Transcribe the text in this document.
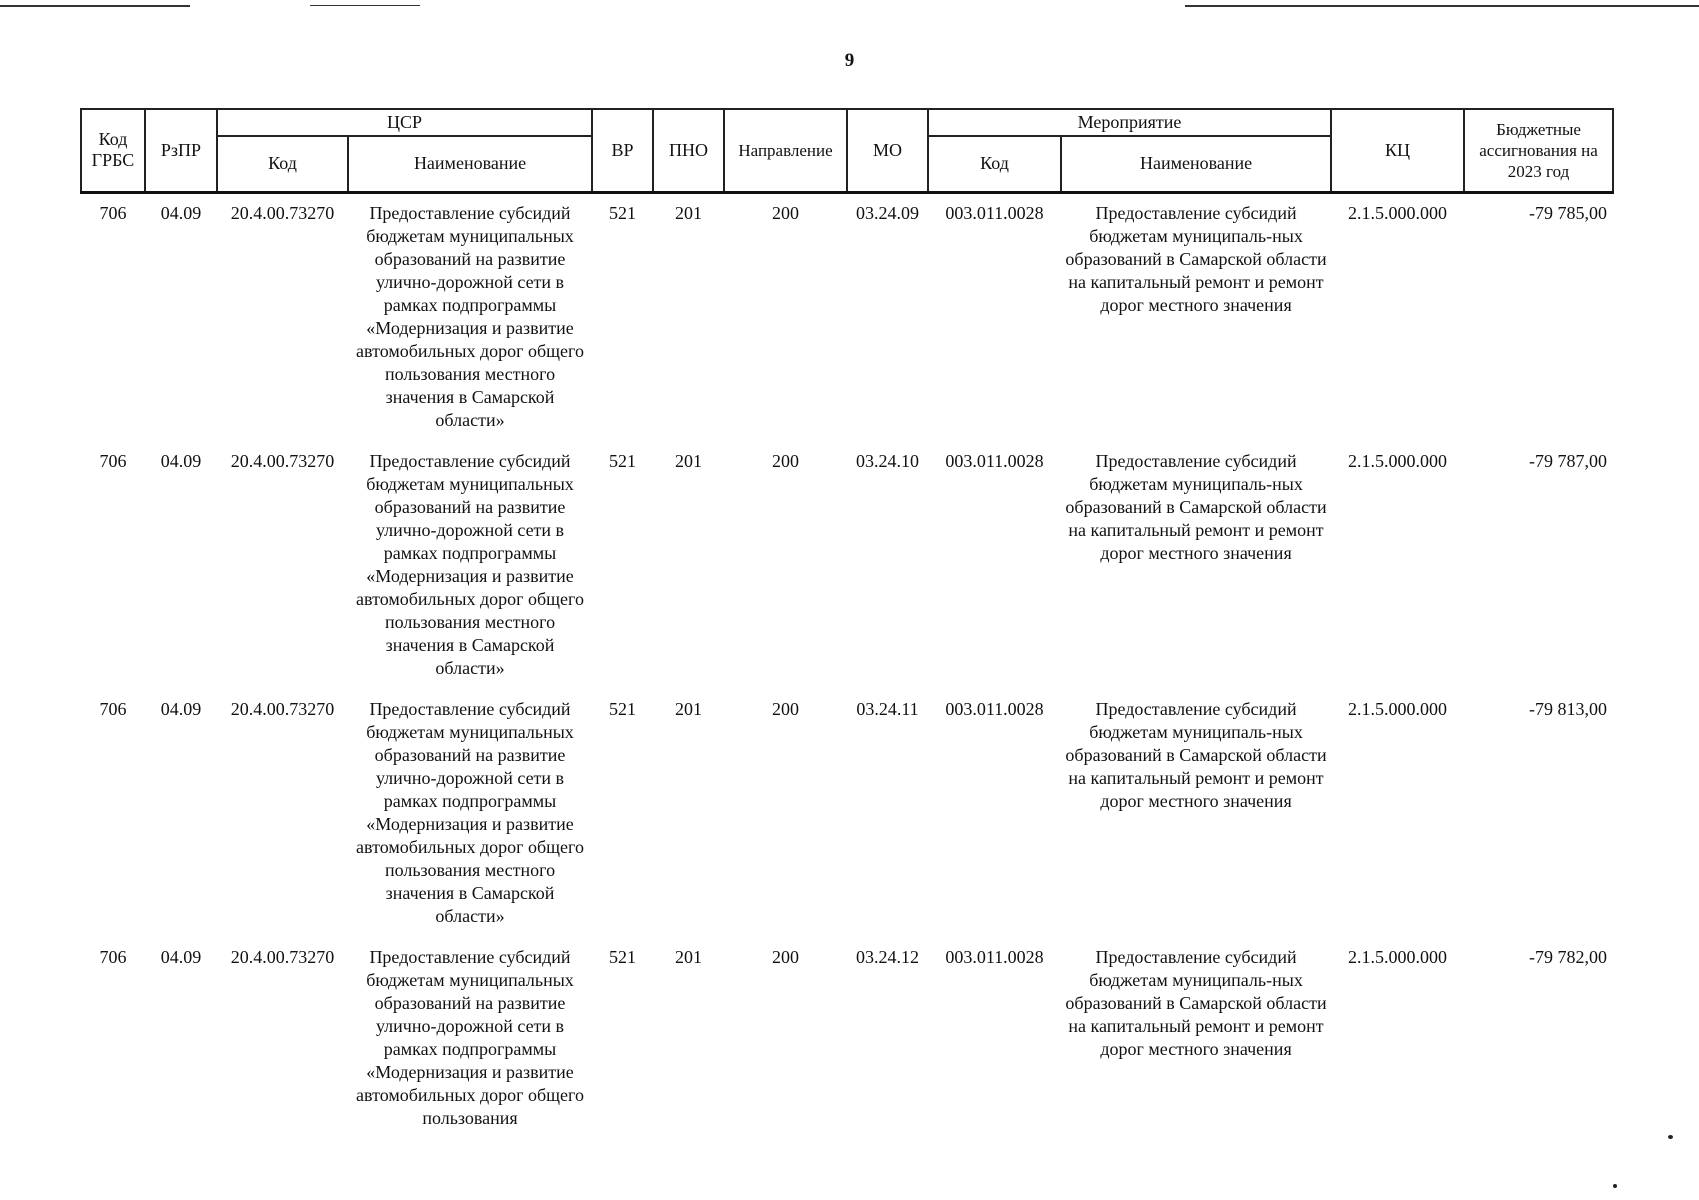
9
Код ГРБС	РзПР	ЦСР		ВР	ПНО	Направление	МО	Мероприятие		КЦ	Бюджетные ассигнования на 2023 год
		Код	Наименование					Код	Наименование		
706	04.09	20.4.00.73270	Предоставление субсидий бюджетам муниципальных образований на развитие улично-дорожной сети в рамках подпрограммы «Модернизация и развитие автомобильных дорог общего пользования местного значения в Самарской области»	521	201	200	03.24.09	003.011.0028	Предоставление субсидий бюджетам муниципаль-ных образований в Самарской области на капитальный ремонт и ремонт дорог местного значения	2.1.5.000.000	-79 785,00
706	04.09	20.4.00.73270	Предоставление субсидий бюджетам муниципальных образований на развитие улично-дорожной сети в рамках подпрограммы «Модернизация и развитие автомобильных дорог общего пользования местного значения в Самарской области»	521	201	200	03.24.10	003.011.0028	Предоставление субсидий бюджетам муниципаль-ных образований в Самарской области на капитальный ремонт и ремонт дорог местного значения	2.1.5.000.000	-79 787,00
706	04.09	20.4.00.73270	Предоставление субсидий бюджетам муниципальных образований на развитие улично-дорожной сети в рамках подпрограммы «Модернизация и развитие автомобильных дорог общего пользования местного значения в Самарской области»	521	201	200	03.24.11	003.011.0028	Предоставление субсидий бюджетам муниципаль-ных образований в Самарской области на капитальный ремонт и ремонт дорог местного значения	2.1.5.000.000	-79 813,00
706	04.09	20.4.00.73270	Предоставление субсидий бюджетам муниципальных образований на развитие улично-дорожной сети в рамках подпрограммы «Модернизация и развитие автомобильных дорог общего пользования	521	201	200	03.24.12	003.011.0028	Предоставление субсидий бюджетам муниципаль-ных образований в Самарской области на капитальный ремонт и ремонт дорог местного значения	2.1.5.000.000	-79 782,00
